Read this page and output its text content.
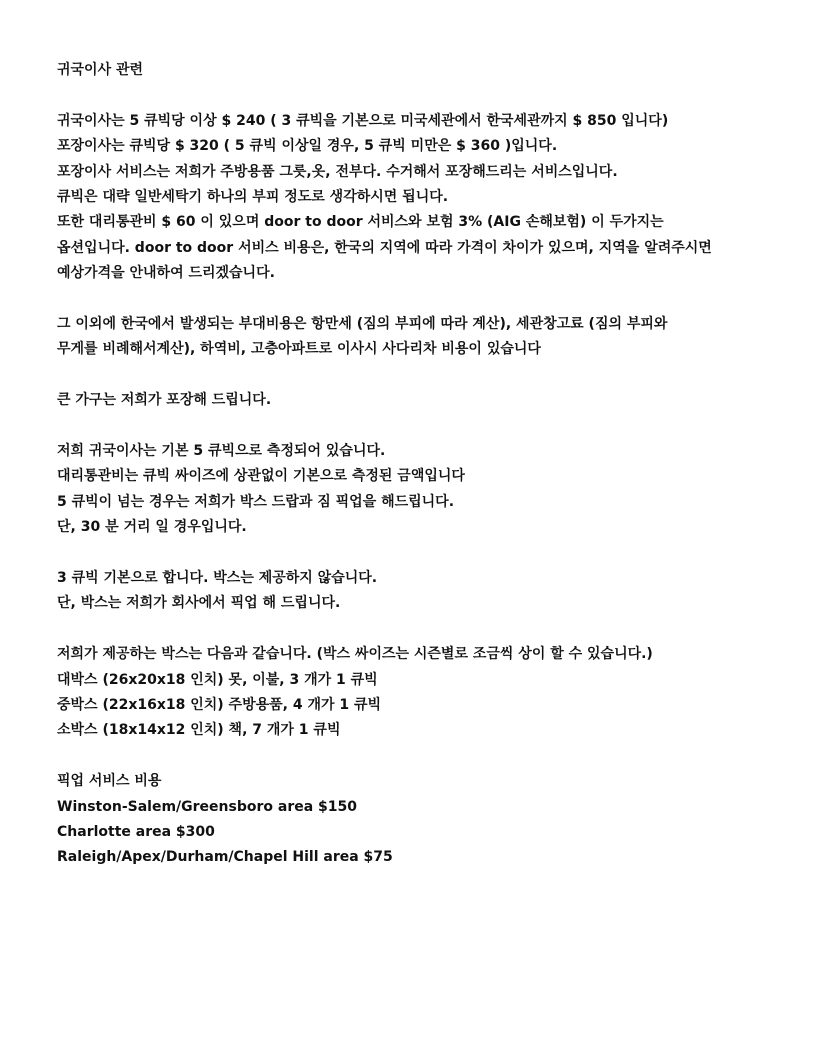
귀국이사 관련
귀국이사는 5 큐빅당 이상 $ 240 ( 3 큐빅을 기본으로 미국세관에서 한국세관까지 $ 850 입니다)
포장이사는 큐빅당 $ 320 ( 5 큐빅 이상일 경우, 5 큐빅 미만은 $ 360 )입니다.
포장이사 서비스는 저희가 주방용품 그릇,옷, 전부다. 수거해서 포장해드리는 서비스입니다.
큐빅은 대략 일반세탁기 하나의 부피 정도로 생각하시면 됩니다.
또한 대리통관비 $ 60 이 있으며 door to door 서비스와 보험 3% (AIG 손해보험) 이 두가지는
옵션입니다. door to door 서비스 비용은, 한국의 지역에 따라 가격이 차이가 있으며, 지역을 알려주시면
예상가격을 안내하여 드리겠습니다.
그 이외에 한국에서 발생되는 부대비용은 항만세 (짐의 부피에 따라 계산), 세관창고료 (짐의 부피와
무게를 비례해서계산), 하역비, 고층아파트로 이사시 사다리차 비용이 있습니다
큰 가구는 저희가 포장해 드립니다.
저희 귀국이사는 기본 5 큐빅으로 측정되어 있습니다.
대리통관비는 큐빅 싸이즈에 상관없이 기본으로 측정된 금액입니다
5 큐빅이 넘는 경우는 저희가 박스 드랍과 짐 픽업을 해드립니다.
단, 30 분 거리 일 경우입니다.
3 큐빅 기본으로 합니다. 박스는 제공하지 않습니다.
단, 박스는 저희가 회사에서 픽업 해 드립니다.
저희가 제공하는 박스는 다음과 같습니다. (박스 싸이즈는 시즌별로 조금씩 상이 할 수 있습니다.)
대박스 (26x20x18 인치) 못, 이불, 3 개가 1 큐빅
중박스 (22x16x18 인치) 주방용품, 4 개가 1 큐빅
소박스 (18x14x12 인치) 책, 7 개가 1 큐빅
픽업 서비스 비용
Winston-Salem/Greensboro area $150
Charlotte area $300
Raleigh/Apex/Durham/Chapel Hill area $75
